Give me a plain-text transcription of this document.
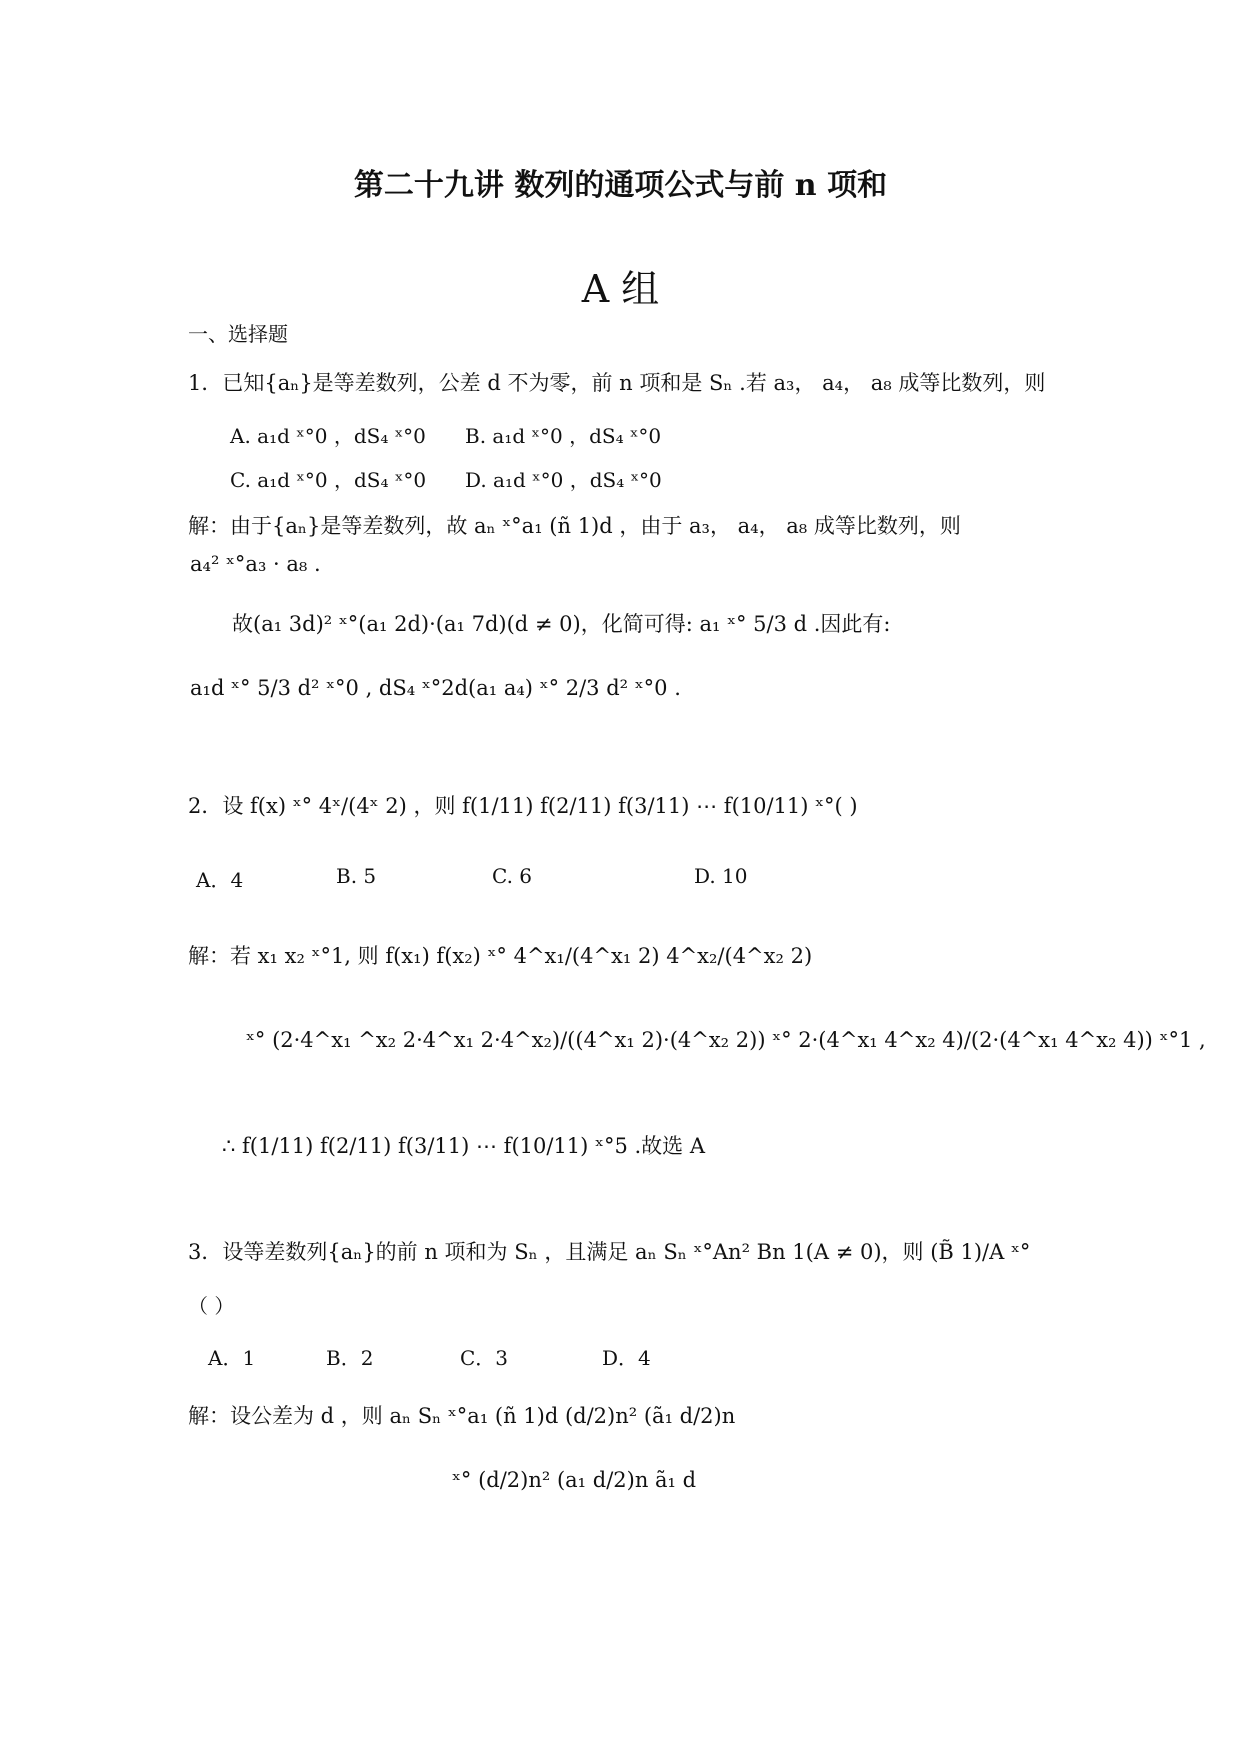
第二十九讲 数列的通项公式与前 n 项和
A 组
一、选择题
1．已知{aₙ}是等差数列，公差 d 不为零，前 n 项和是 Sₙ .若 a₃， a₄， a₈ 成等比数列，则
A. a₁d ˣ°0 ，dS₄ ˣ°0 B. a₁d ˣ°0 ，dS₄ ˣ°0
C. a₁d ˣ°0 ，dS₄ ˣ°0 D. a₁d ˣ°0 ，dS₄ ˣ°0
解：由于{aₙ}是等差数列，故 aₙ ˣ°a₁ (ñ 1)d ，由于 a₃， a₄， a₈ 成等比数列，则
a₄² ˣ°a₃ · a₈ .
故(a₁ 3d)² ˣ°(a₁ 2d)·(a₁ 7d)(d ≠ 0)，化简可得: a₁ ˣ° 5/3 d .因此有:
a₁d ˣ° 5/3 d² ˣ°0 , dS₄ ˣ°2d(a₁ a₄) ˣ° 2/3 d² ˣ°0 .
2．设 f(x) ˣ° 4ˣ/(4ˣ 2) ，则 f(1/11) f(2/11) f(3/11) ⋯ f(10/11) ˣ°( )
A．4	B. 5	C. 6	D. 10
解：若 x₁ x₂ ˣ°1, 则 f(x₁) f(x₂) ˣ° 4^x₁/(4^x₁ 2) 4^x₂/(4^x₂ 2)
ˣ° (2·4^x₁ ^x₂ 2·4^x₁ 2·4^x₂)/((4^x₁ 2)·(4^x₂ 2)) ˣ° 2·(4^x₁ 4^x₂ 4)/(2·(4^x₁ 4^x₂ 4)) ˣ°1 ,
∴ f(1/11) f(2/11) f(3/11) ⋯ f(10/11) ˣ°5 .故选 A
3．设等差数列{aₙ}的前 n 项和为 Sₙ ，且满足 aₙ Sₙ ˣ°An² Bn 1(A ≠ 0)，则 (B̃ 1)/A ˣ°
（ ）
A．1	B．2	C．3	D．4
解：设公差为 d ，则 aₙ Sₙ ˣ°a₁ (ñ 1)d (d/2)n² (ã₁ d/2)n
ˣ° (d/2)n² (a₁ d/2)n ã₁ d
